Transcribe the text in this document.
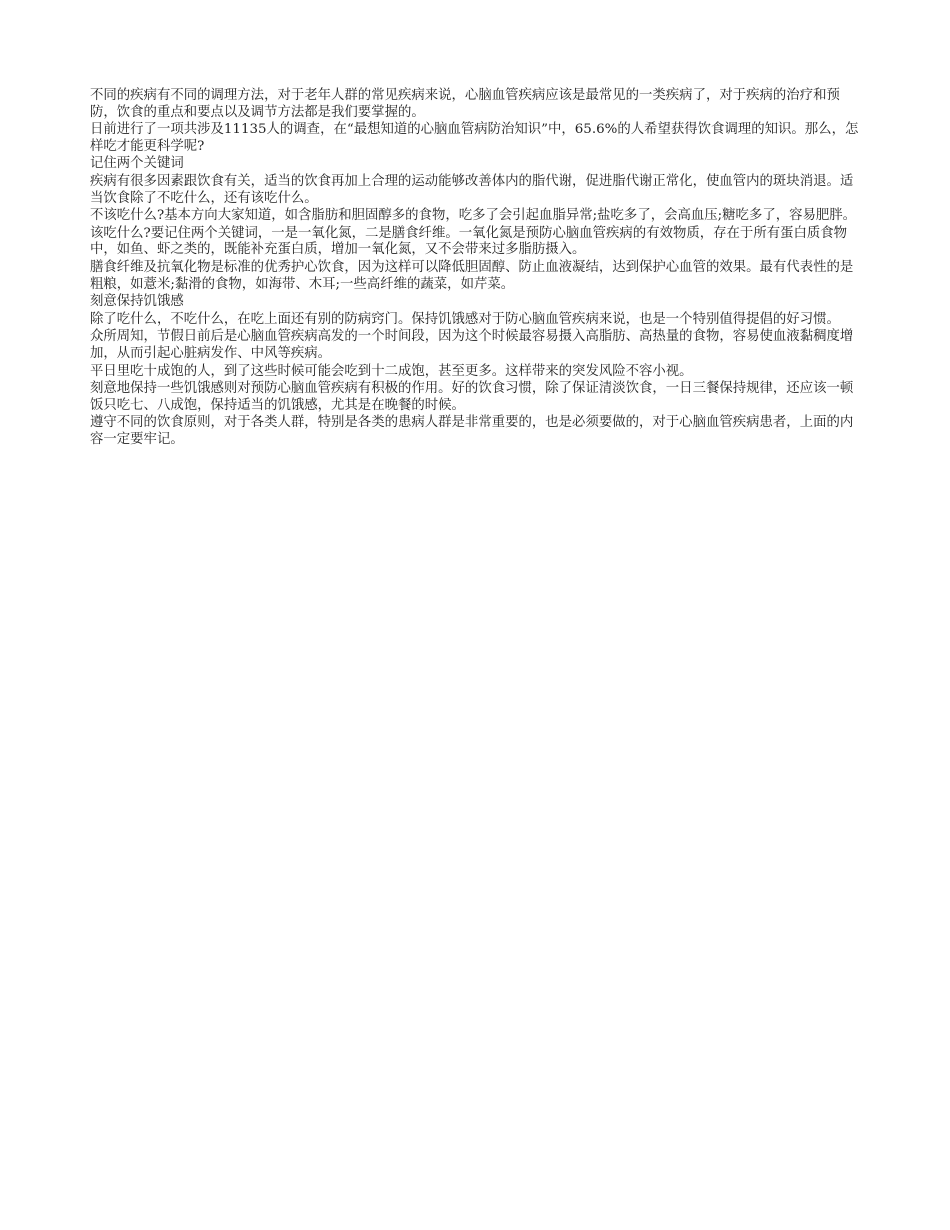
不同的疾病有不同的调理方法，对于老年人群的常见疾病来说，心脑血管疾病应该是最常见的一类疾病了，对于疾病的治疗和预防，饮食的重点和要点以及调节方法都是我们要掌握的。

日前进行了一项共涉及11135人的调查，在“最想知道的心脑血管病防治知识”中，65.6%的人希望获得饮食调理的知识。那么，怎样吃才能更科学呢?

记住两个关键词

疾病有很多因素跟饮食有关，适当的饮食再加上合理的运动能够改善体内的脂代谢，促进脂代谢正常化，使血管内的斑块消退。适当饮食除了不吃什么，还有该吃什么。

不该吃什么?基本方向大家知道，如含脂肪和胆固醇多的食物，吃多了会引起血脂异常;盐吃多了，会高血压;糖吃多了，容易肥胖。

该吃什么?要记住两个关键词，一是一氧化氮，二是膳食纤维。一氧化氮是预防心脑血管疾病的有效物质，存在于所有蛋白质食物中，如鱼、虾之类的，既能补充蛋白质，增加一氧化氮，又不会带来过多脂肪摄入。

膳食纤维及抗氧化物是标准的优秀护心饮食，因为这样可以降低胆固醇、防止血液凝结，达到保护心血管的效果。最有代表性的是粗粮，如薏米;黏滑的食物，如海带、木耳;一些高纤维的蔬菜，如芹菜。

刻意保持饥饿感

除了吃什么，不吃什么，在吃上面还有别的防病窍门。保持饥饿感对于防心脑血管疾病来说，也是一个特别值得提倡的好习惯。

众所周知，节假日前后是心脑血管疾病高发的一个时间段，因为这个时候最容易摄入高脂肪、高热量的食物，容易使血液黏稠度增加，从而引起心脏病发作、中风等疾病。

平日里吃十成饱的人，到了这些时候可能会吃到十二成饱，甚至更多。这样带来的突发风险不容小视。

刻意地保持一些饥饿感则对预防心脑血管疾病有积极的作用。好的饮食习惯，除了保证清淡饮食，一日三餐保持规律，还应该一顿饭只吃七、八成饱，保持适当的饥饿感，尤其是在晚餐的时候。

遵守不同的饮食原则，对于各类人群，特别是各类的患病人群是非常重要的，也是必须要做的，对于心脑血管疾病患者，上面的内容一定要牢记。
